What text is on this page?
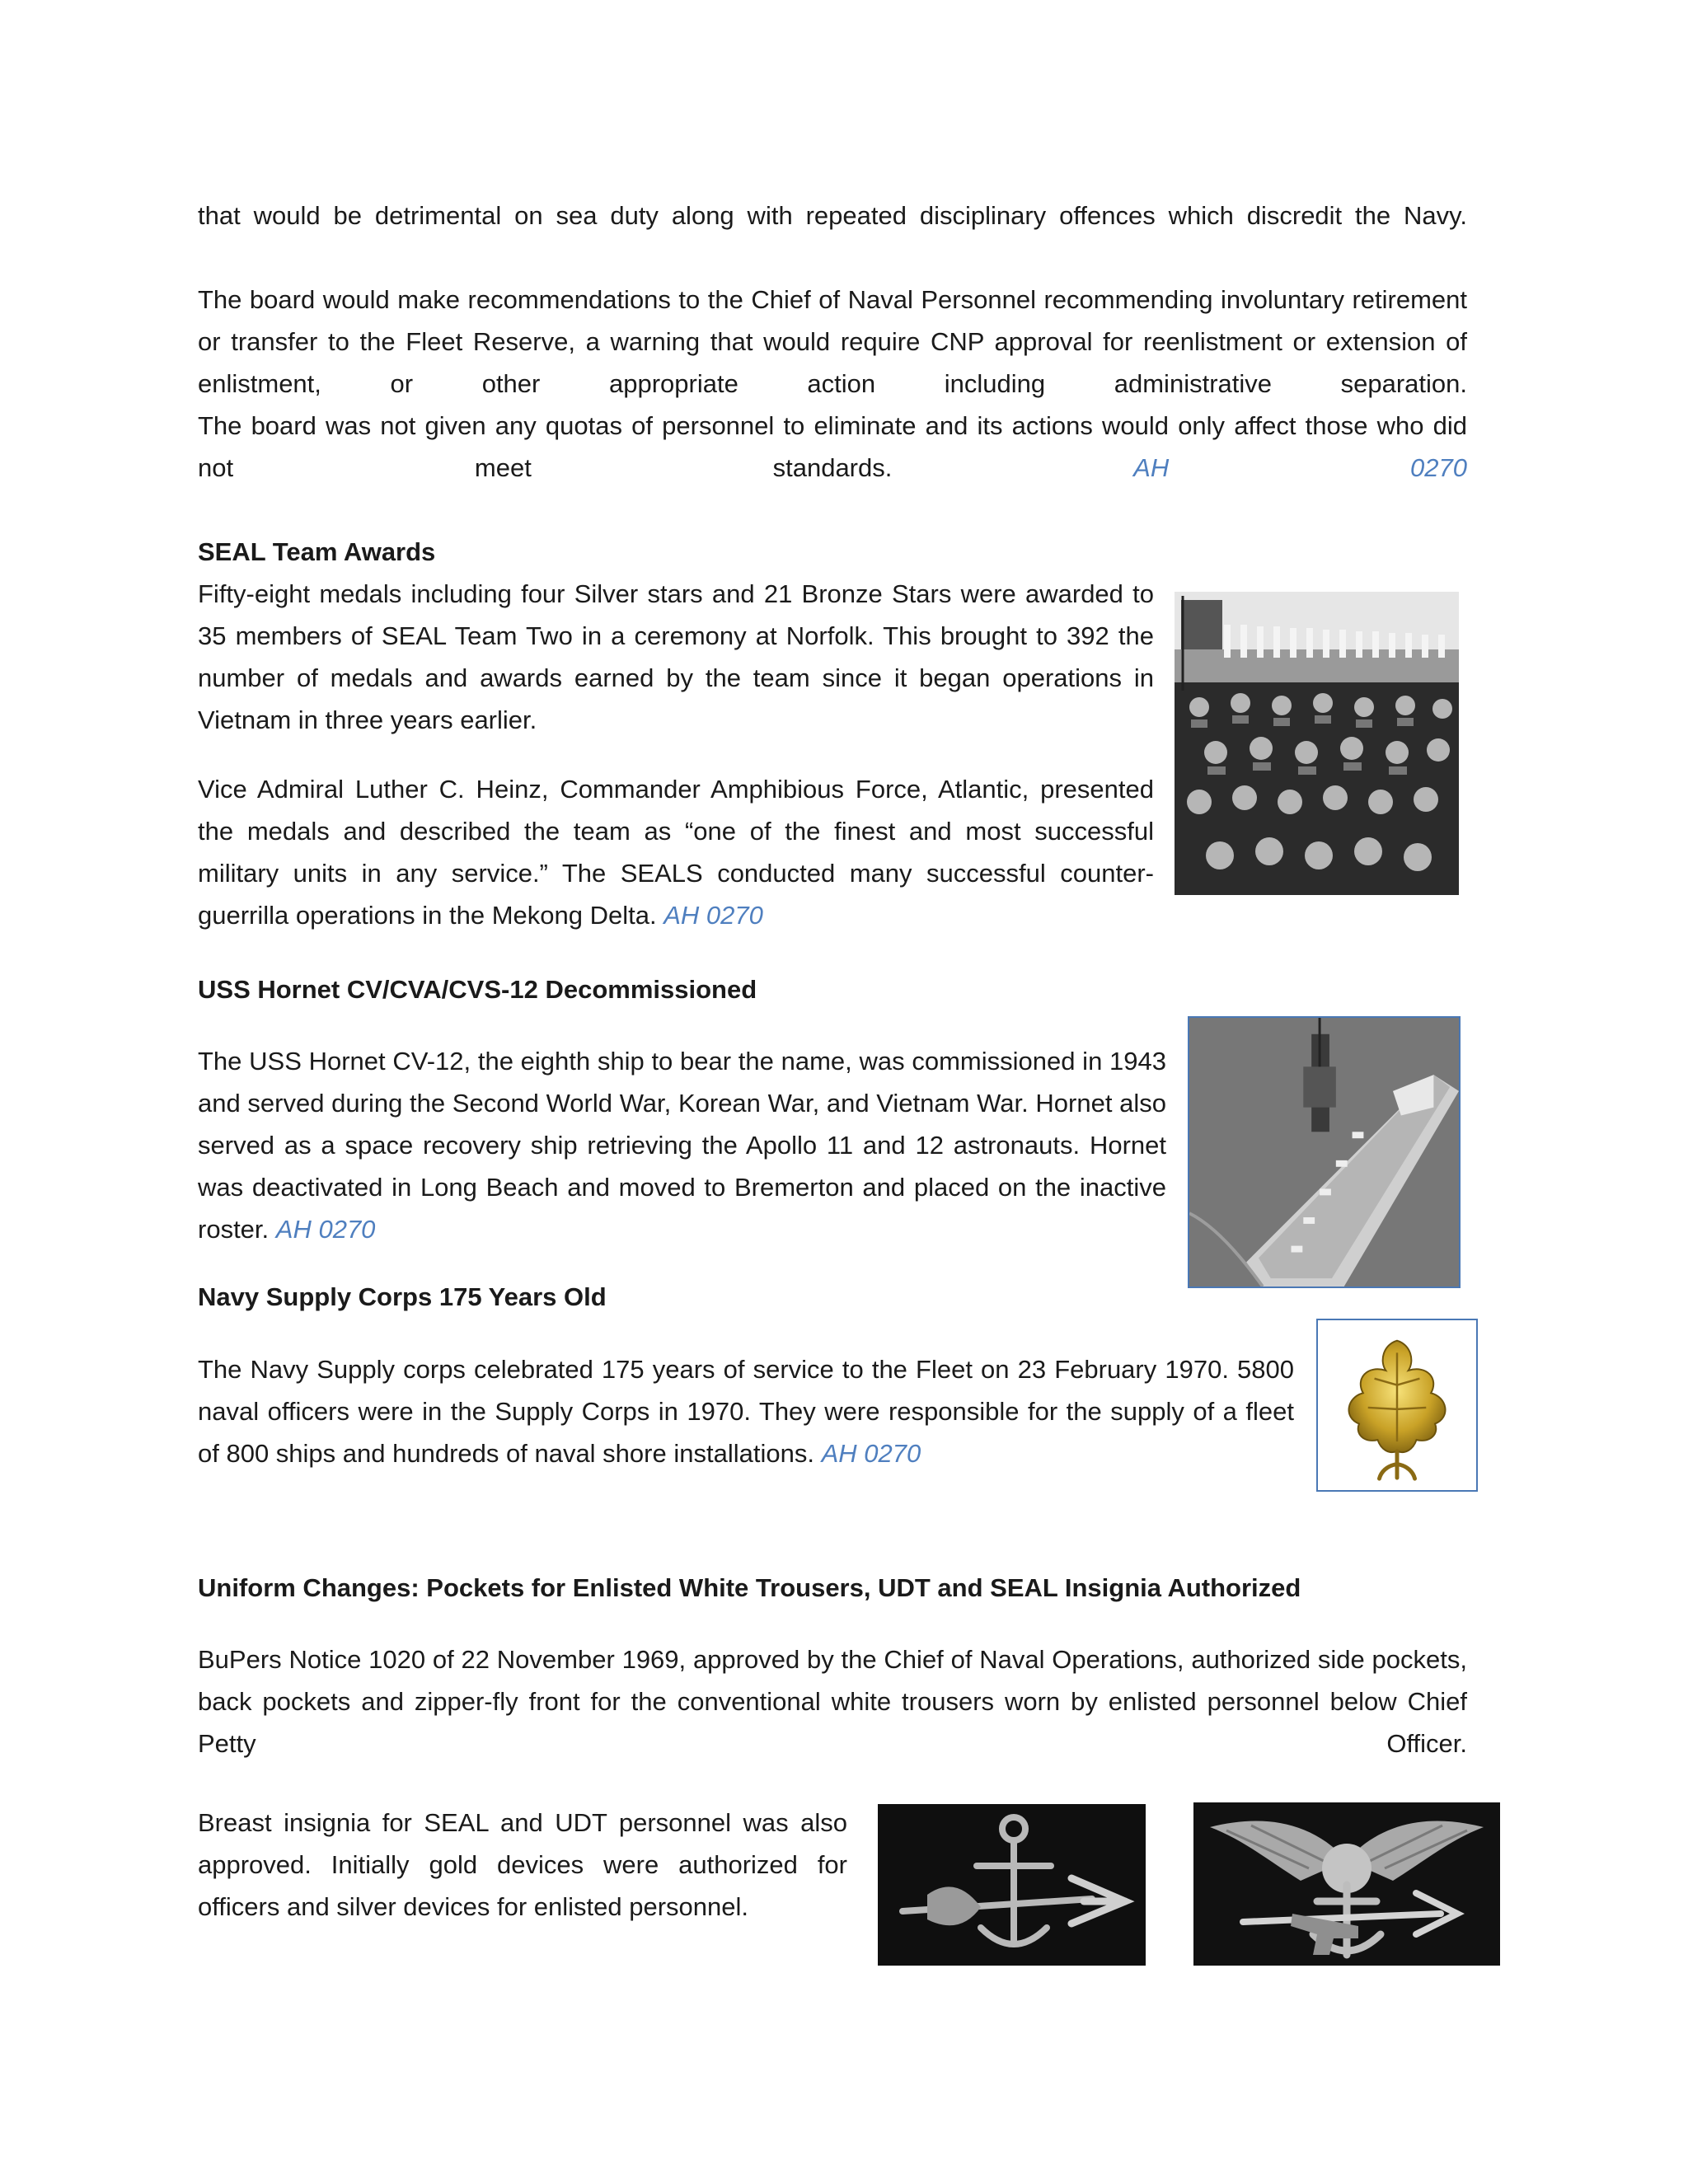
that would be detrimental on sea duty along with repeated disciplinary offences which discredit the Navy.

The board would make recommendations to the Chief of Naval Personnel recommending involuntary retirement or transfer to the Fleet Reserve, a warning that would require CNP approval for reenlistment or extension of enlistment, or other appropriate action including administrative separation.

The board was not given any quotas of personnel to eliminate and its actions would only affect those who did not meet standards.	AH 0270

SEAL Team Awards

Fifty-eight medals including four Silver stars and 21 Bronze Stars were awarded to 35 members of SEAL Team Two in a ceremony at Norfolk. This brought to 392 the number of medals and awards earned by the team since it began operations in Vietnam in three years earlier.

Vice Admiral Luther C. Heinz, Commander Amphibious Force, Atlantic, presented the medals and described the team as “one of the finest and most successful military units in any service.” The SEALS conducted many successful counter-guerrilla operations in the Mekong Delta. AH 0270

USS Hornet CV/CVA/CVS-12 Decommissioned

The USS Hornet CV-12, the eighth ship to bear the name, was commissioned in 1943 and served during the Second World War, Korean War, and Vietnam War. Hornet also served as a space recovery ship retrieving the Apollo 11 and 12 astronauts. Hornet was deactivated in Long Beach and moved to Bremerton and placed on the inactive roster. AH 0270

Navy Supply Corps 175 Years Old

The Navy Supply corps celebrated 175 years of service to the Fleet on 23 February 1970. 5800 naval officers were in the Supply Corps in 1970. They were responsible for the supply of a fleet of 800 ships and hundreds of naval shore installations. AH 0270

Uniform Changes: Pockets for Enlisted White Trousers, UDT and SEAL Insignia Authorized

BuPers Notice 1020 of 22 November 1969, approved by the Chief of Naval Operations, authorized side pockets, back pockets and zipper-fly front for the conventional white trousers worn by enlisted personnel below Chief Petty Officer.

Breast insignia for SEAL and UDT personnel was also approved. Initially gold devices were authorized for officers and silver devices for enlisted personnel.
